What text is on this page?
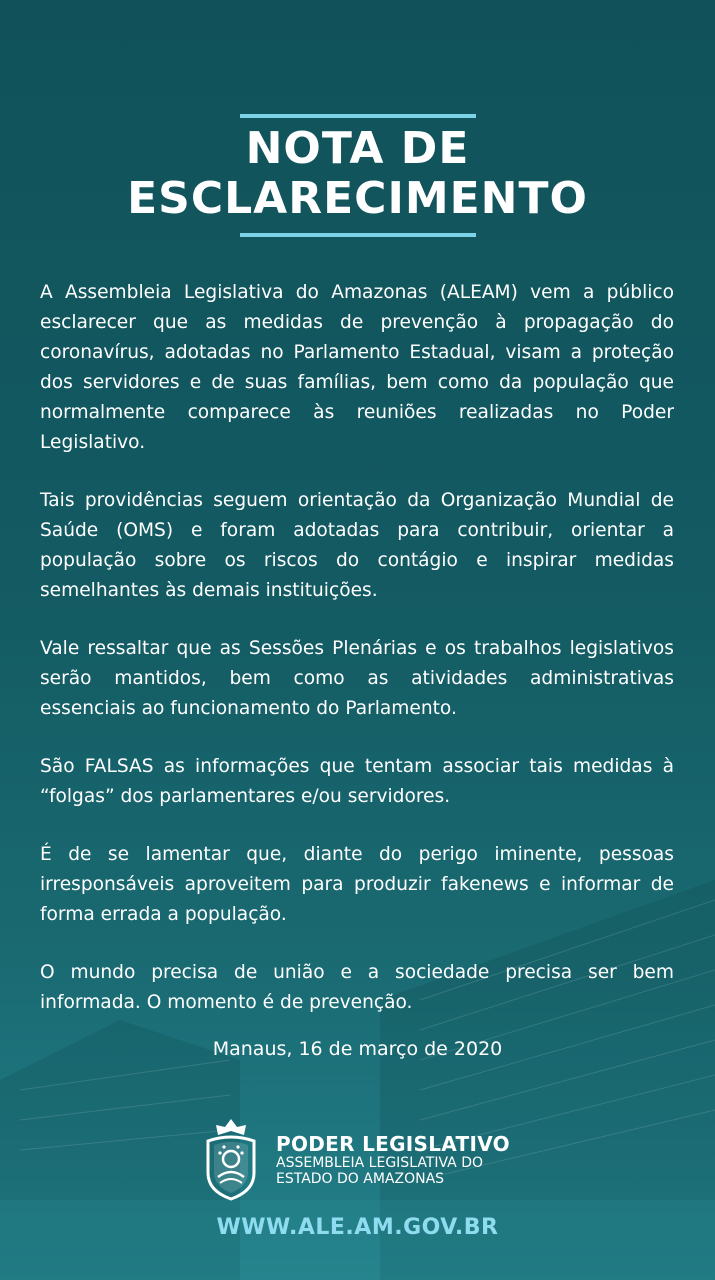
NOTA DE
ESCLARECIMENTO

A Assembleia Legislativa do Amazonas (ALEAM) vem a público esclarecer que as medidas de prevenção à propagação do coronavírus, adotadas no Parlamento Estadual, visam a proteção dos servidores e de suas famílias, bem como da população que normalmente comparece às reuniões realizadas no Poder Legislativo.

Tais providências seguem orientação da Organização Mundial de Saúde (OMS) e foram adotadas para contribuir, orientar a população sobre os riscos do contágio e inspirar medidas semelhantes às demais instituições.

Vale ressaltar que as Sessões Plenárias e os trabalhos legislativos serão mantidos, bem como as atividades administrativas essenciais ao funcionamento do Parlamento.

São FALSAS as informações que tentam associar tais medidas à “folgas” dos parlamentares e/ou servidores.

É de se lamentar que, diante do perigo iminente, pessoas irresponsáveis aproveitem para produzir fakenews e informar de forma errada a população.

O mundo precisa de união e a sociedade precisa ser bem informada. O momento é de prevenção.

Manaus, 16 de março de 2020
PODER LEGISLATIVO
ASSEMBLEIA LEGISLATIVA DO
ESTADO DO AMAZONAS
WWW.ALE.AM.GOV.BR
